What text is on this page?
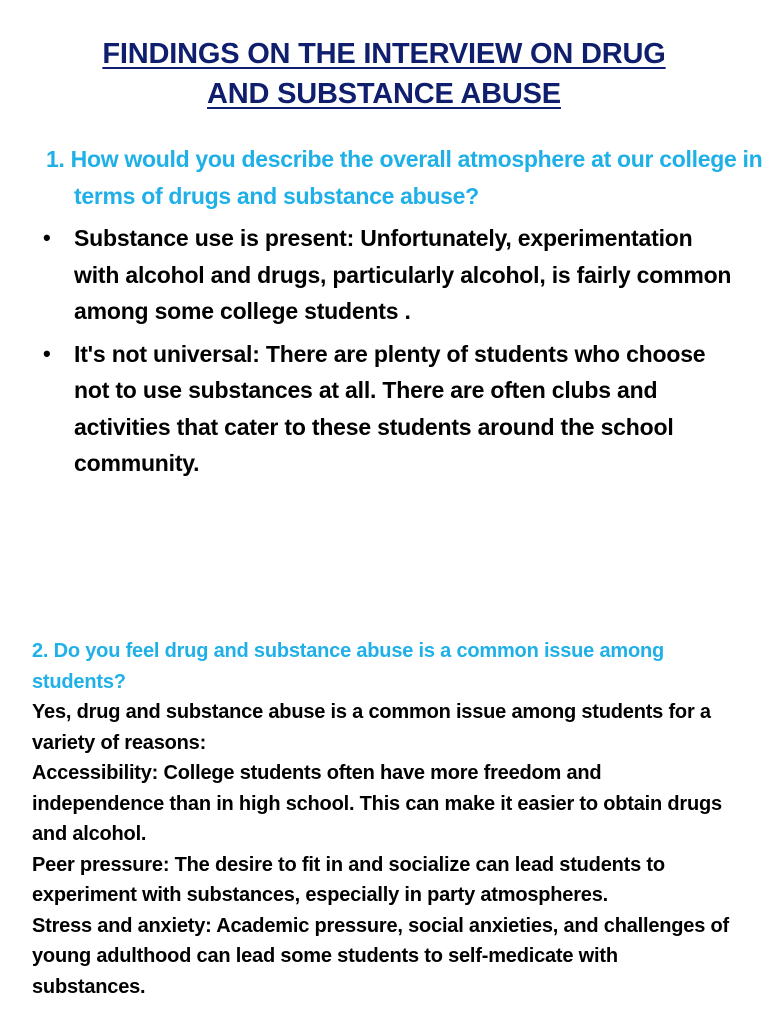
FINDINGS ON THE INTERVIEW ON DRUG
AND SUBSTANCE ABUSE
1. How would you describe the overall atmosphere at our college in terms of drugs and substance abuse?
• Substance use is present: Unfortunately, experimentation with alcohol and drugs, particularly alcohol, is fairly common among some college students .
• It's not universal: There are plenty of students who choose not to use substances at all. There are often clubs and activities that cater to these students around the school community.
2. Do you feel drug and substance abuse is a common issue among students?

Yes, drug and substance abuse is a common issue among students for a variety of reasons:

Accessibility: College students often have more freedom and independence than in high school. This can make it easier to obtain drugs and alcohol.

Peer pressure: The desire to fit in and socialize can lead students to experiment with substances, especially in party atmospheres.

Stress and anxiety: Academic pressure, social anxieties, and challenges of young adulthood can lead some students to self-medicate with substances.
